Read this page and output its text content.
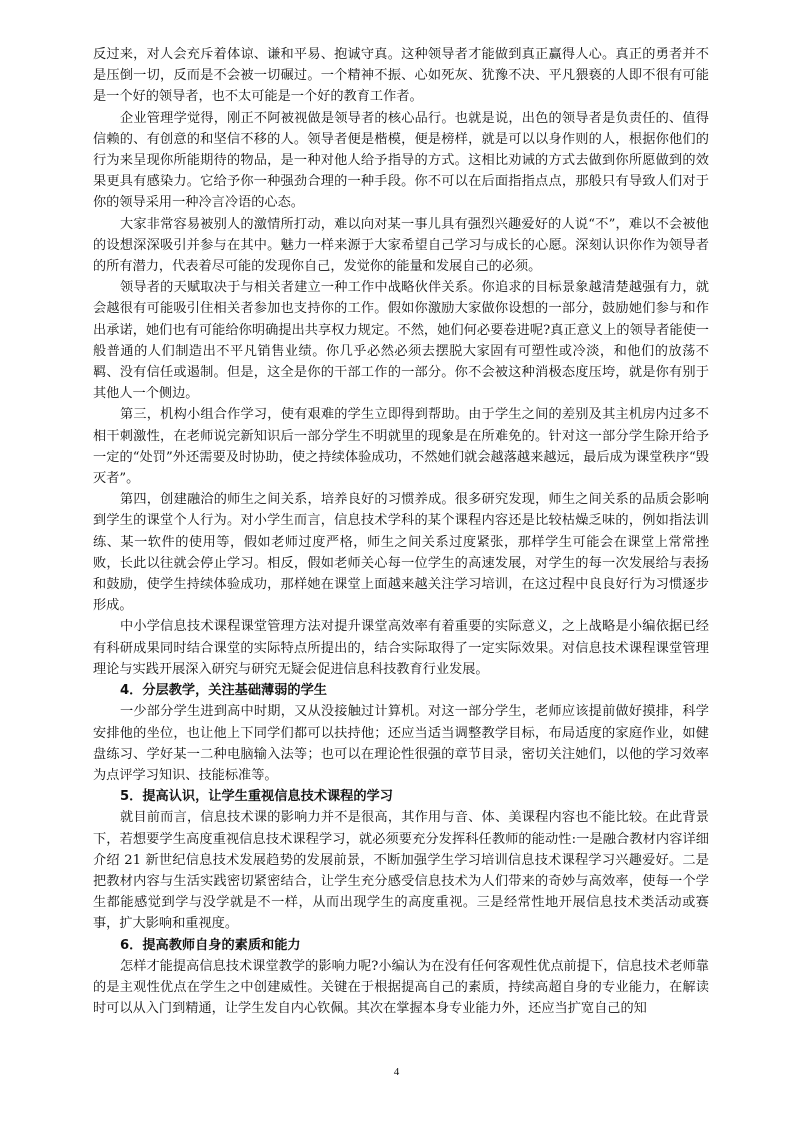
反过来，对人会充斥着体谅、谦和平易、抱诚守真。这种领导者才能做到真正赢得人心。真正的勇者并不是压倒一切，反而是不会被一切碾过。一个精神不振、心如死灰、犹豫不决、平凡猥亵的人即不很有可能是一个好的领导者，也不太可能是一个好的教育工作者。

企业管理学觉得，刚正不阿被视做是领导者的核心品行。也就是说，出色的领导者是负责任的、值得信赖的、有创意的和坚信不移的人。领导者便是楷模，便是榜样，就是可以以身作则的人，根据你他们的行为来呈现你所能期待的物品，是一种对他人给予指导的方式。这相比劝诫的方式去做到你所愿做到的效果更具有感染力。它给予你一种强劲合理的一种手段。你不可以在后面指指点点，那般只有导致人们对于你的领导采用一种冷言冷语的心态。

大家非常容易被别人的激情所打动，难以向对某一事儿具有强烈兴趣爱好的人说“不”，难以不会被他的设想深深吸引并参与在其中。魅力一样来源于大家希望自己学习与成长的心愿。深刻认识你作为领导者的所有潜力，代表着尽可能的发现你自己，发觉你的能量和发展自己的必须。

领导者的天赋取决于与相关者建立一种工作中战略伙伴关系。你追求的目标景象越清楚越强有力，就会越很有可能吸引住相关者参加也支持你的工作。假如你激励大家做你设想的一部分，鼓励她们参与和作出承诺，她们也有可能给你明确提出共享权力规定。不然，她们何必要卷进呢?真正意义上的领导者能使一般普通的人们制造出不平凡销售业绩。你几乎必然必须去摆脱大家固有可塑性或冷淡，和他们的放荡不羁、没有信任或遏制。但是，这全是你的干部工作的一部分。你不会被这种消极态度压垮，就是你有别于其他人一个侧边。

第三，机构小组合作学习，使有艰难的学生立即得到帮助。由于学生之间的差别及其主机房内过多不相干刺激性，在老师说完新知识后一部分学生不明就里的现象是在所难免的。针对这一部分学生除开给予一定的“处罚”外还需要及时协助，使之持续体验成功，不然她们就会越落越来越远，最后成为课堂秩序“毁灭者”。

第四，创建融洽的师生之间关系，培养良好的习惯养成。很多研究发现，师生之间关系的品质会影响到学生的课堂个人行为。对小学生而言，信息技术学科的某个课程内容还是比较枯燥乏味的，例如指法训练、某一软件的使用等，假如老师过度严格，师生之间关系过度紧张，那样学生可能会在课堂上常常挫败，长此以往就会停止学习。相反，假如老师关心每一位学生的高速发展，对学生的每一次发展给与表扬和鼓励，使学生持续体验成功，那样她在课堂上面越来越关注学习培训，在这过程中良良好行为习惯逐步形成。

中小学信息技术课程课堂管理方法对提升课堂高效率有着重要的实际意义，之上战略是小编依据已经有科研成果同时结合课堂的实际特点所提出的，结合实际取得了一定实际效果。对信息技术课程课堂管理理论与实践开展深入研究与研究无疑会促进信息科技教育行业发展。

4．分层教学，关注基础薄弱的学生

一少部分学生进到高中时期，又从没接触过计算机。对这一部分学生，老师应该提前做好摸排，科学安排他的坐位，也让他上下同学们都可以扶持他；还应当适当调整教学目标，布局适度的家庭作业，如健盘练习、学好某一二种电脑输入法等；也可以在理论性很强的章节目录，密切关注她们，以他的学习效率为点评学习知识、技能标准等。

5．提高认识，让学生重视信息技术课程的学习

就目前而言，信息技术课的影响力并不是很高，其作用与音、体、美课程内容也不能比较。在此背景下，若想要学生高度重视信息技术课程学习，就必须要充分发挥科任教师的能动性:一是融合教材内容详细介绍 21 新世纪信息技术发展趋势的发展前景，不断加强学生学习培训信息技术课程学习兴趣爱好。二是把教材内容与生活实践密切紧密结合，让学生充分感受信息技术为人们带来的奇妙与高效率，使每一个学生都能感觉到学与没学就是不一样，从而出现学生的高度重视。三是经常性地开展信息技术类活动或赛事，扩大影响和重视度。

6．提高教师自身的素质和能力

怎样才能提高信息技术课堂教学的影响力呢?小编认为在没有任何客观性优点前提下，信息技术老师靠的是主观性优点在学生之中创建威性。关键在于根据提高自己的素质，持续高超自身的专业能力，在解读时可以从入门到精通，让学生发自内心钦佩。其次在掌握本身专业能力外，还应当扩宽自己的知

4
